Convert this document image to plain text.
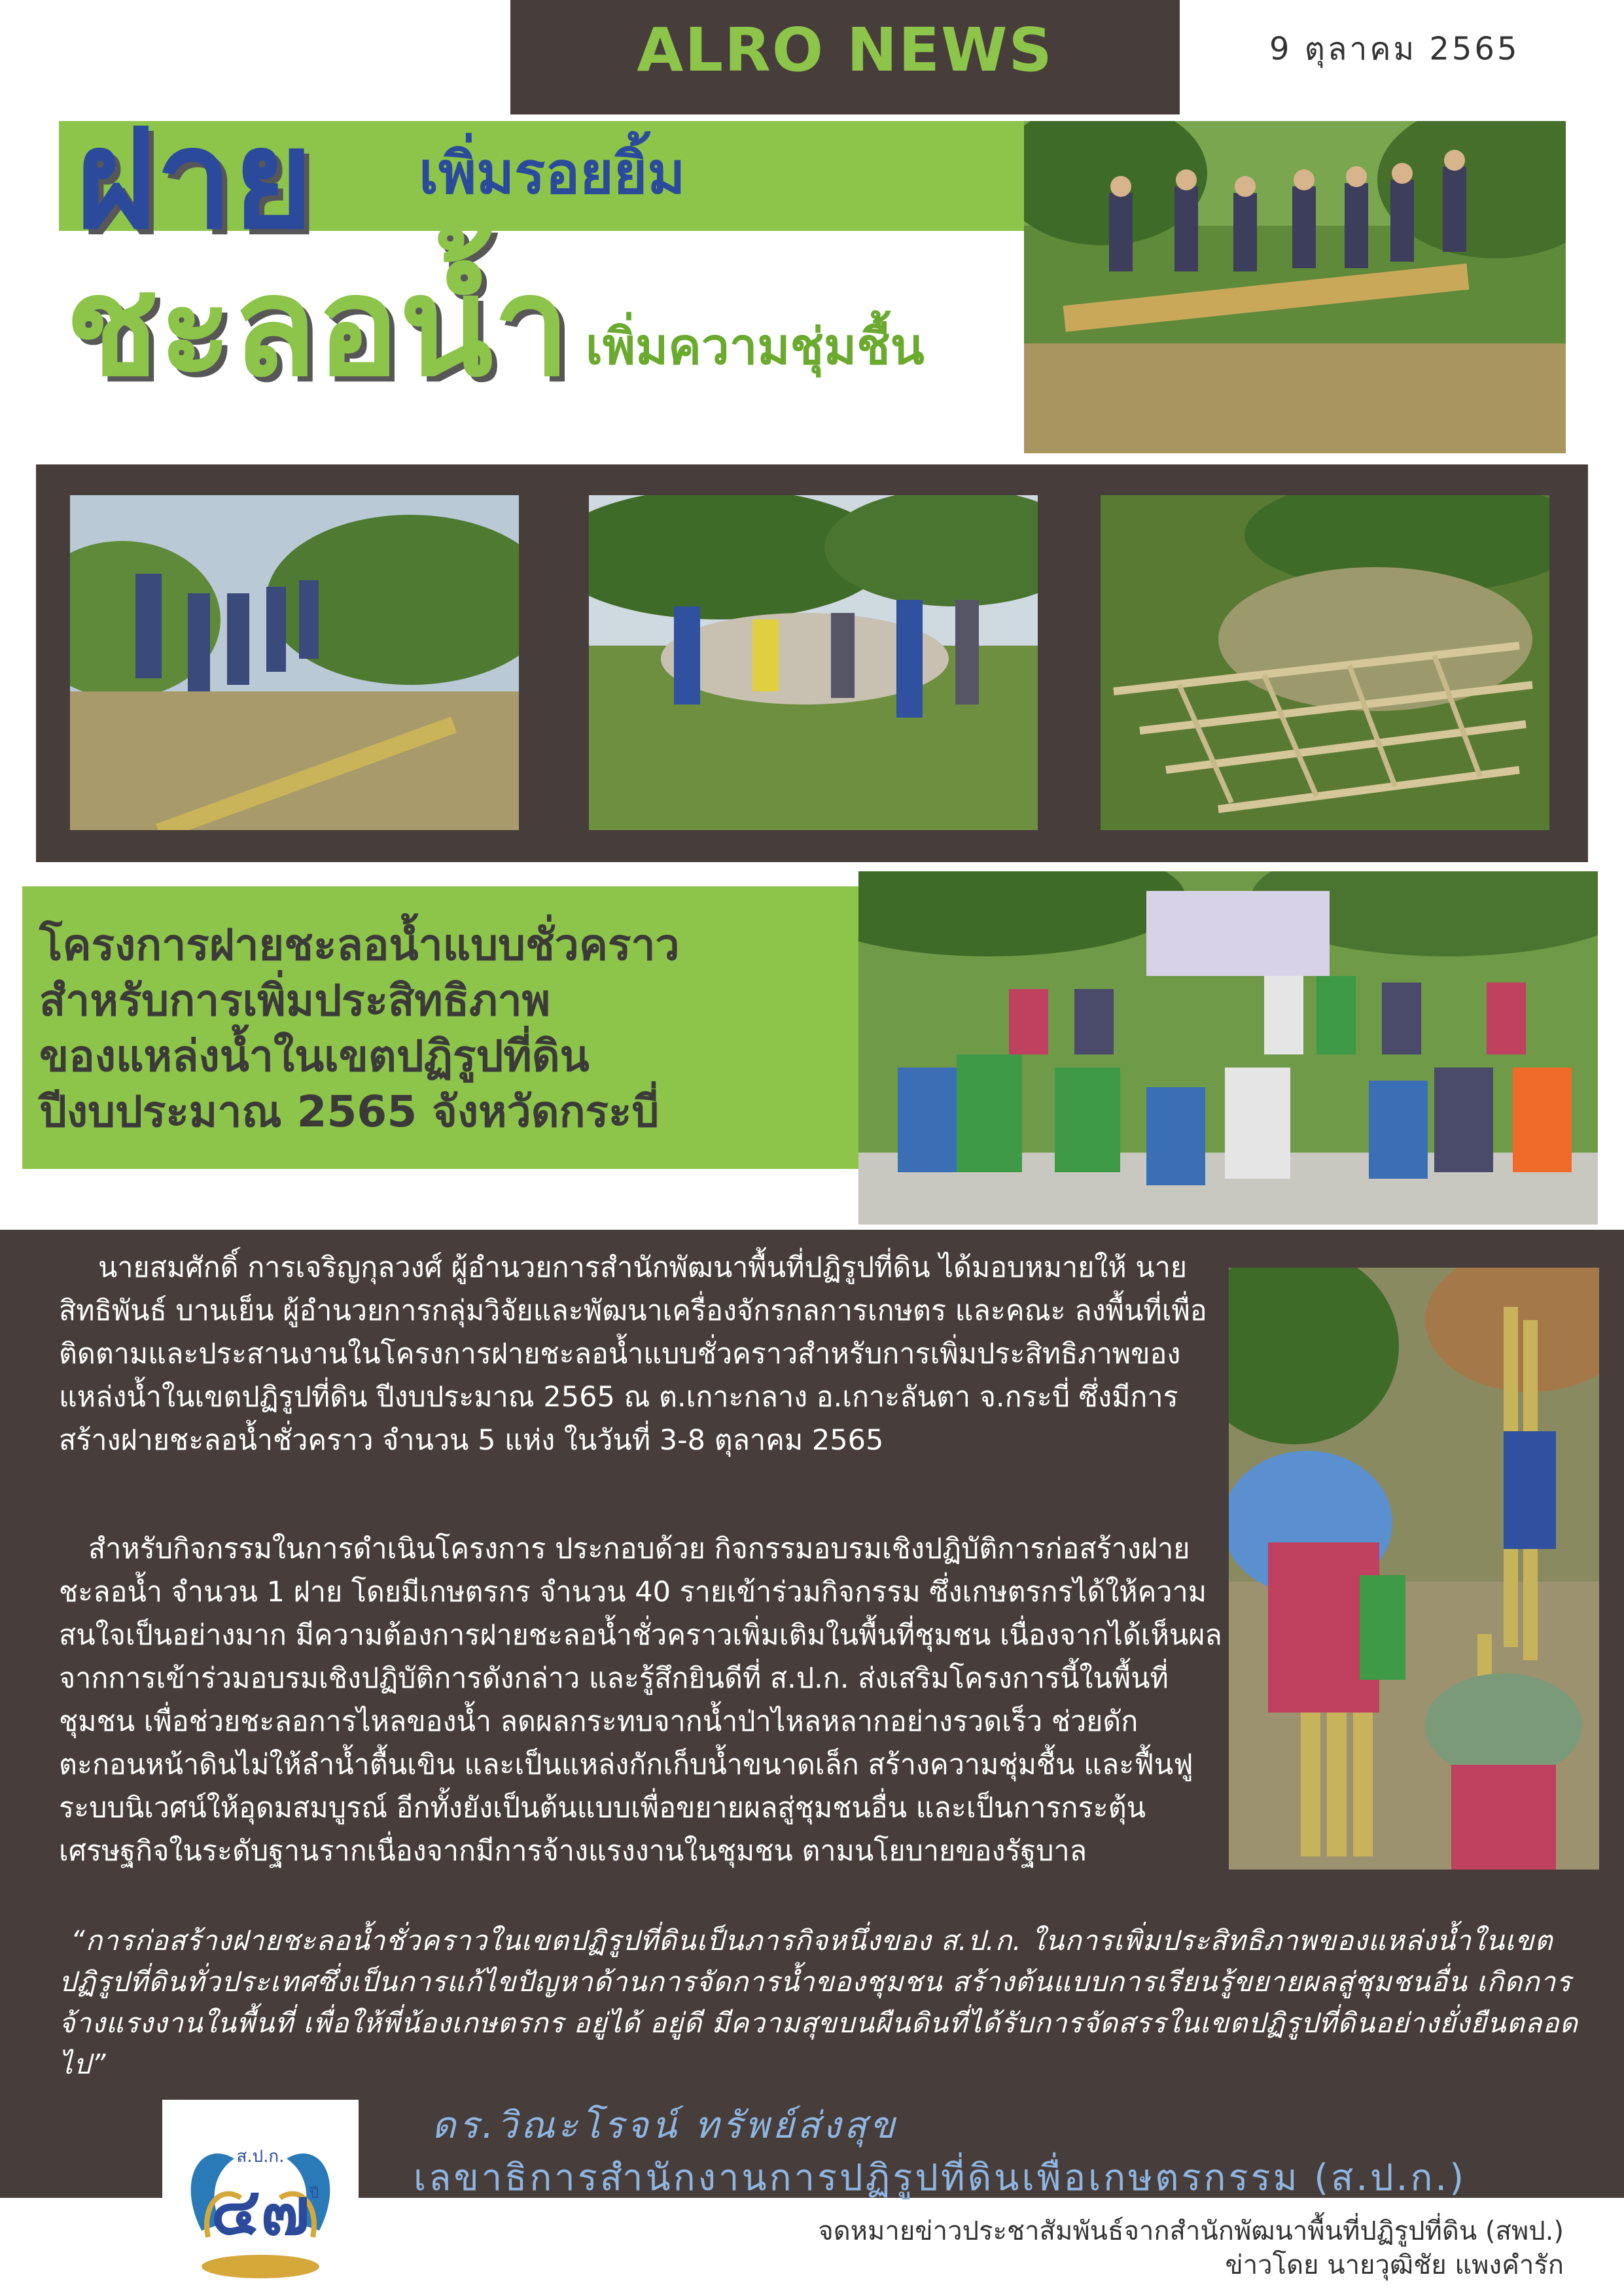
ALRO NEWS	9 ตุลาคม 2565
ฝาย เพิ่มรอยยิ้ม
ชะลอน้ำ เพิ่มความชุ่มชื้น
โครงการฝายชะลอน้ำแบบชั่วคราว
สำหรับการเพิ่มประสิทธิภาพ
ของแหล่งน้ำในเขตปฏิรูปที่ดิน
ปีงบประมาณ 2565 จังหวัดกระบี่
นายสมศักดิ์ การเจริญกุลวงศ์ ผู้อำนวยการสำนักพัฒนาพื้นที่ปฏิรูปที่ดิน ได้มอบหมายให้ นายสิทธิพันธ์ บานเย็น ผู้อำนวยการกลุ่มวิจัยและพัฒนาเครื่องจักรกลการเกษตร และคณะ ลงพื้นที่เพื่อติดตามและประสานงานในโครงการฝายชะลอน้ำแบบชั่วคราวสำหรับการเพิ่มประสิทธิภาพของแหล่งน้ำในเขตปฏิรูปที่ดิน ปีงบประมาณ 2565 ณ ต.เกาะกลาง อ.เกาะลันตา จ.กระบี่ ซึ่งมีการสร้างฝายชะลอน้ำชั่วคราว จำนวน 5 แห่ง ในวันที่ 3-8 ตุลาคม 2565
สำหรับกิจกรรมในการดำเนินโครงการ ประกอบด้วย กิจกรรมอบรมเชิงปฏิบัติการก่อสร้างฝายชะลอน้ำ จำนวน 1 ฝาย โดยมีเกษตรกร จำนวน 40 รายเข้าร่วมกิจกรรม ซึ่งเกษตรกรได้ให้ความสนใจเป็นอย่างมาก มีความต้องการฝายชะลอน้ำชั่วคราวเพิ่มเติมในพื้นที่ชุมชน เนื่องจากได้เห็นผลจากการเข้าร่วมอบรมเชิงปฏิบัติการดังกล่าว และรู้สึกยินดีที่ ส.ป.ก. ส่งเสริมโครงการนี้ในพื้นที่ชุมชน เพื่อช่วยชะลอการไหลของน้ำ ลดผลกระทบจากน้ำป่าไหลหลากอย่างรวดเร็ว ช่วยดักตะกอนหน้าดินไม่ให้ลำน้ำตื้นเขิน และเป็นแหล่งกักเก็บน้ำขนาดเล็ก สร้างความชุ่มชื้น และฟื้นฟูระบบนิเวศน์ให้อุดมสมบูรณ์ อีกทั้งยังเป็นต้นแบบเพื่อขยายผลสู่ชุมชนอื่น และเป็นการกระตุ้นเศรษฐกิจในระดับฐานรากเนื่องจากมีการจ้างแรงงานในชุมชน ตามนโยบายของรัฐบาล
“การก่อสร้างฝายชะลอน้ำชั่วคราวในเขตปฏิรูปที่ดินเป็นภารกิจหนึ่งของ ส.ป.ก. ในการเพิ่มประสิทธิภาพของแหล่งน้ำในเขตปฏิรูปที่ดินทั่วประเทศซึ่งเป็นการแก้ไขปัญหาด้านการจัดการน้ำของชุมชน สร้างต้นแบบการเรียนรู้ขยายผลสู่ชุมชนอื่น เกิดการจ้างแรงงานในพื้นที่ เพื่อให้พี่น้องเกษตรกร อยู่ได้ อยู่ดี มีความสุขบนผืนดินที่ได้รับการจัดสรรในเขตปฏิรูปที่ดินอย่างยั่งยืนตลอดไป”
ส.ป.ก.
๔๗ ปี
ดร.วิณะโรจน์ ทรัพย์ส่งสุข
เลขาธิการสำนักงานการปฏิรูปที่ดินเพื่อเกษตรกรรม (ส.ป.ก.)
จดหมายข่าวประชาสัมพันธ์จากสำนักพัฒนาพื้นที่ปฏิรูปที่ดิน (สพป.)
ข่าวโดย นายวุฒิชัย แพงคำรัก
